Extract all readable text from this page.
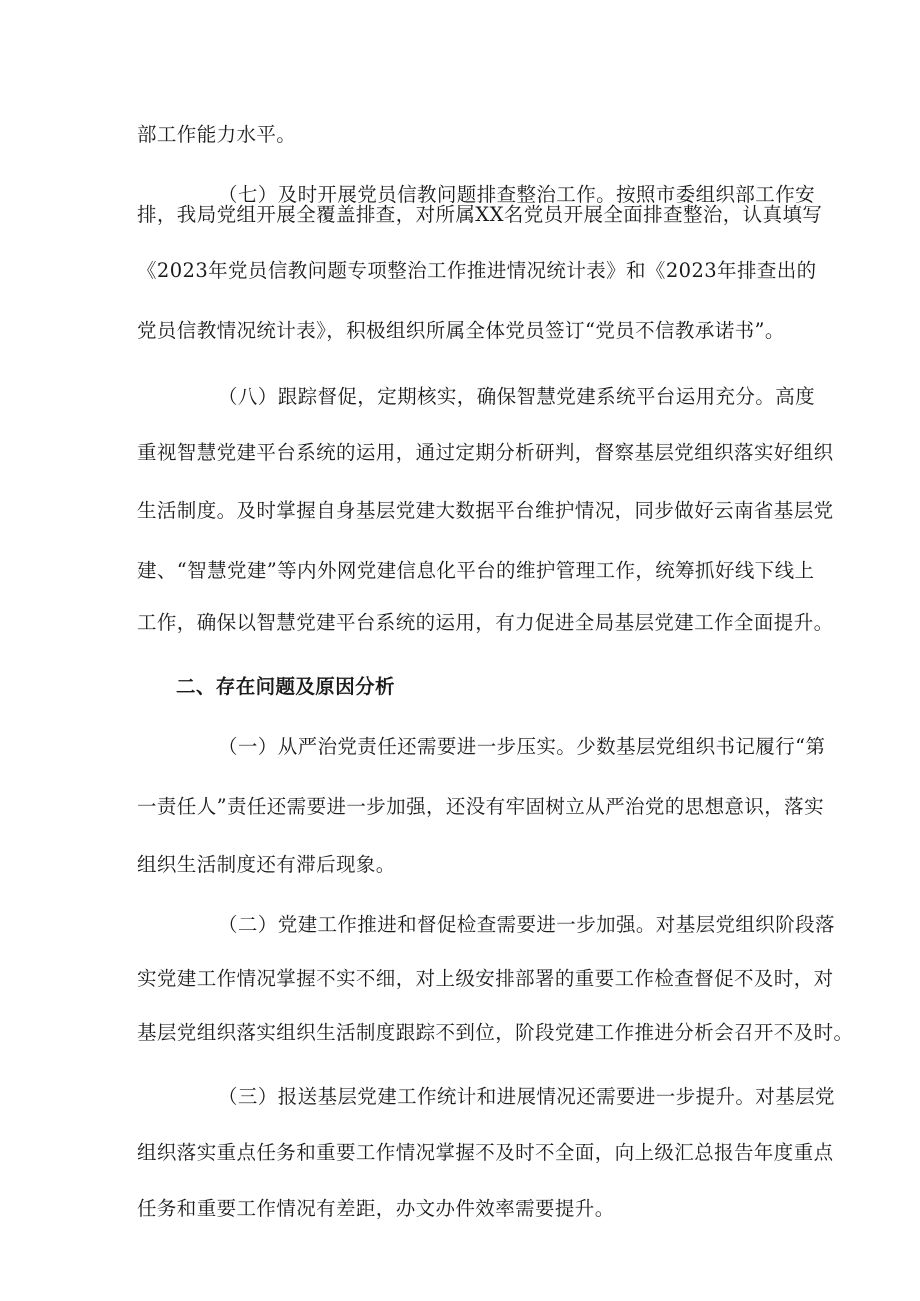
部工作能力水平。
（七）及时开展党员信教问题排查整治工作。按照市委组织部工作安
排，我局党组开展全覆盖排查，对所属XX名党员开展全面排查整治，认真填写
《2023年党员信教问题专项整治工作推进情况统计表》和《2023年排查出的
党员信教情况统计表》，积极组织所属全体党员签订“党员不信教承诺书”。
（八）跟踪督促，定期核实，确保智慧党建系统平台运用充分。高度
重视智慧党建平台系统的运用，通过定期分析研判，督察基层党组织落实好组织
生活制度。及时掌握自身基层党建大数据平台维护情况，同步做好云南省基层党
建、“智慧党建”等内外网党建信息化平台的维护管理工作，统筹抓好线下线上
工作，确保以智慧党建平台系统的运用，有力促进全局基层党建工作全面提升。
二、存在问题及原因分析
（一）从严治党责任还需要进一步压实。少数基层党组织书记履行“第
一责任人”责任还需要进一步加强，还没有牢固树立从严治党的思想意识，落实
组织生活制度还有滞后现象。
（二）党建工作推进和督促检查需要进一步加强。对基层党组织阶段落
实党建工作情况掌握不实不细，对上级安排部署的重要工作检查督促不及时，对
基层党组织落实组织生活制度跟踪不到位，阶段党建工作推进分析会召开不及时。
（三）报送基层党建工作统计和进展情况还需要进一步提升。对基层党
组织落实重点任务和重要工作情况掌握不及时不全面，向上级汇总报告年度重点
任务和重要工作情况有差距，办文办件效率需要提升。
